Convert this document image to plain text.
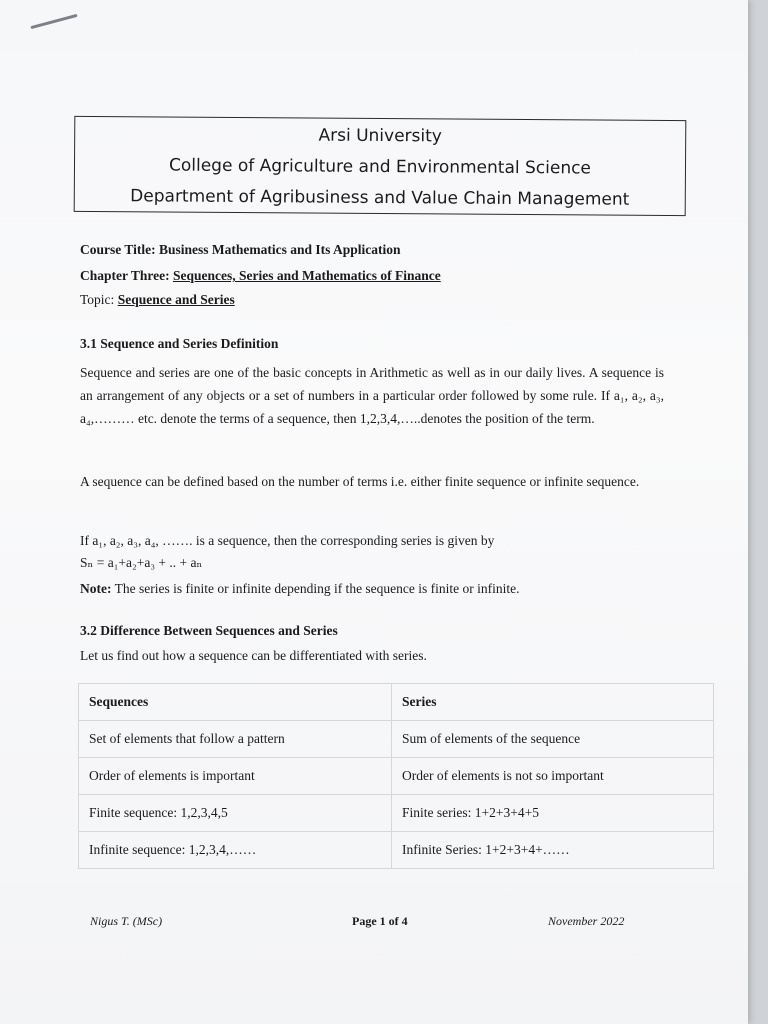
Arsi University
College of Agriculture and Environmental Science
Department of Agribusiness and Value Chain Management
Course Title: Business Mathematics and Its Application
Chapter Three: Sequences, Series and Mathematics of Finance
Topic: Sequence and Series
3.1 Sequence and Series Definition
Sequence and series are one of the basic concepts in Arithmetic as well as in our daily lives. A sequence is an arrangement of any objects or a set of numbers in a particular order followed by some rule. If a₁, a₂, a₃, a₄,……… etc. denote the terms of a sequence, then 1,2,3,4,…..denotes the position of the term.
A sequence can be defined based on the number of terms i.e. either finite sequence or infinite sequence.
If a₁, a₂, a₃, a₄, ……. is a sequence, then the corresponding series is given by
Sₙ = a₁+a₂+a₃ + .. + aₙ
Note: The series is finite or infinite depending if the sequence is finite or infinite.
3.2 Difference Between Sequences and Series
Let us find out how a sequence can be differentiated with series.
Sequences	Series
Set of elements that follow a pattern	Sum of elements of the sequence
Order of elements is important	Order of elements is not so important
Finite sequence: 1,2,3,4,5	Finite series: 1+2+3+4+5
Infinite sequence: 1,2,3,4,……	Infinite Series: 1+2+3+4+……
Nigus T. (MSc)	Page 1 of 4	November 2022
